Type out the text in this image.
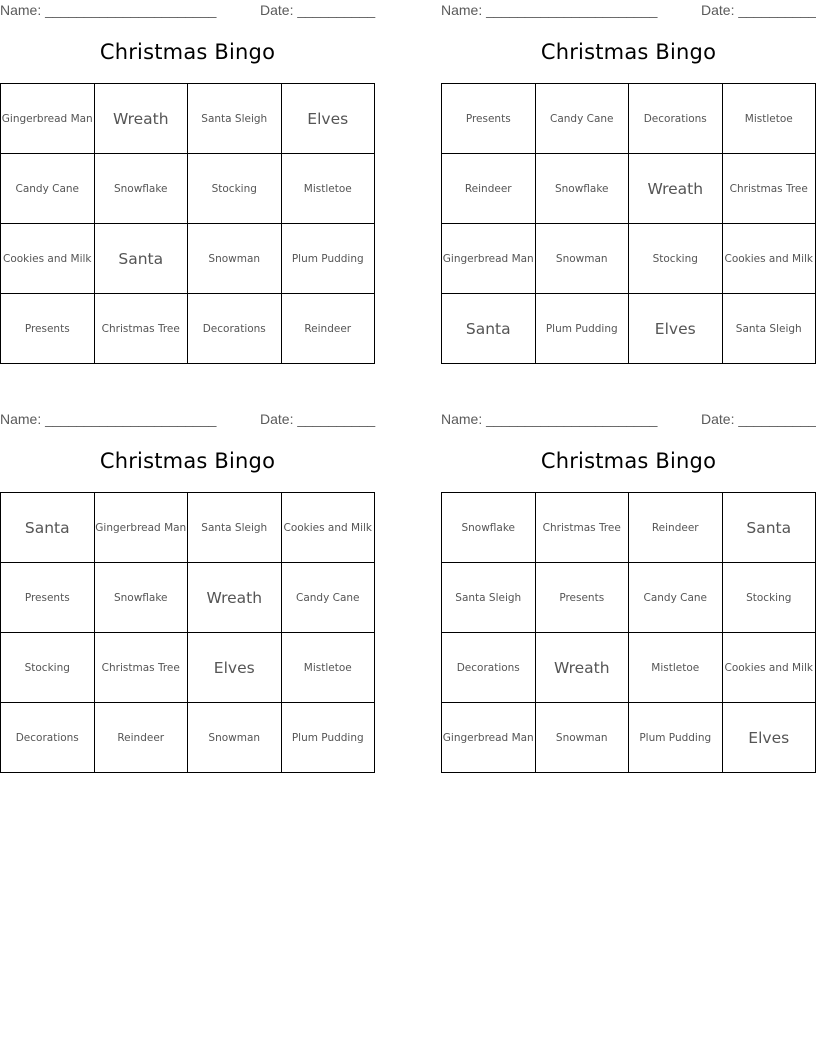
Name: ______________________	Date: __________
Christmas Bingo
Gingerbread Man	Wreath	Santa Sleigh	Elves
Candy Cane	Snowflake	Stocking	Mistletoe
Cookies and Milk	Santa	Snowman	Plum Pudding
Presents	Christmas Tree	Decorations	Reindeer
Name: ______________________	Date: __________
Christmas Bingo
Presents	Candy Cane	Decorations	Mistletoe
Reindeer	Snowflake	Wreath	Christmas Tree
Gingerbread Man	Snowman	Stocking	Cookies and Milk
Santa	Plum Pudding	Elves	Santa Sleigh
Name: ______________________	Date: __________
Christmas Bingo
Santa	Gingerbread Man	Santa Sleigh	Cookies and Milk
Presents	Snowflake	Wreath	Candy Cane
Stocking	Christmas Tree	Elves	Mistletoe
Decorations	Reindeer	Snowman	Plum Pudding
Name: ______________________	Date: __________
Christmas Bingo
Snowflake	Christmas Tree	Reindeer	Santa
Santa Sleigh	Presents	Candy Cane	Stocking
Decorations	Wreath	Mistletoe	Cookies and Milk
Gingerbread Man	Snowman	Plum Pudding	Elves
